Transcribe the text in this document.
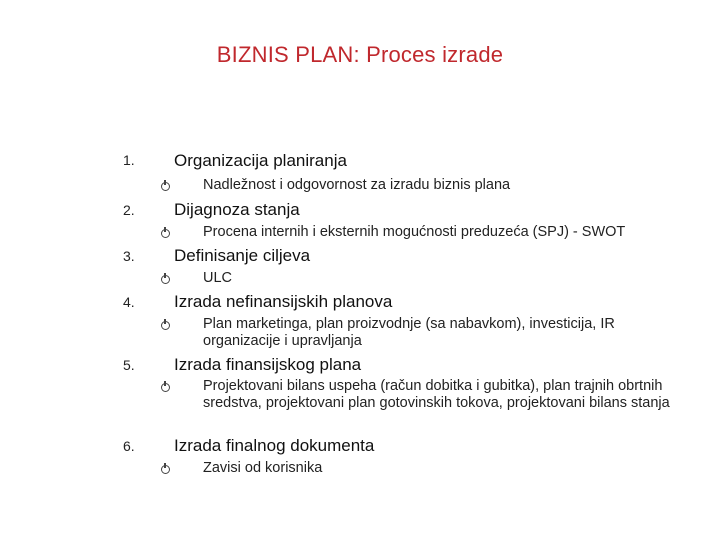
BIZNIS PLAN: Proces izrade
1. Organizacija planiranja
Nadležnost i odgovornost za izradu biznis plana
2. Dijagnoza stanja
Procena internih i eksternih mogućnosti preduzeća (SPJ) - SWOT
3. Definisanje ciljeva
ULC
4. Izrada nefinansijskih planova
Plan marketinga, plan proizvodnje (sa nabavkom), investicija, IR organizacije i upravljanja
5. Izrada finansijskog plana
Projektovani bilans uspeha (račun dobitka i gubitka), plan trajnih obrtnih sredstva, projektovani plan gotovinskih tokova, projektovani bilans stanja
6. Izrada finalnog dokumenta
Zavisi od korisnika
